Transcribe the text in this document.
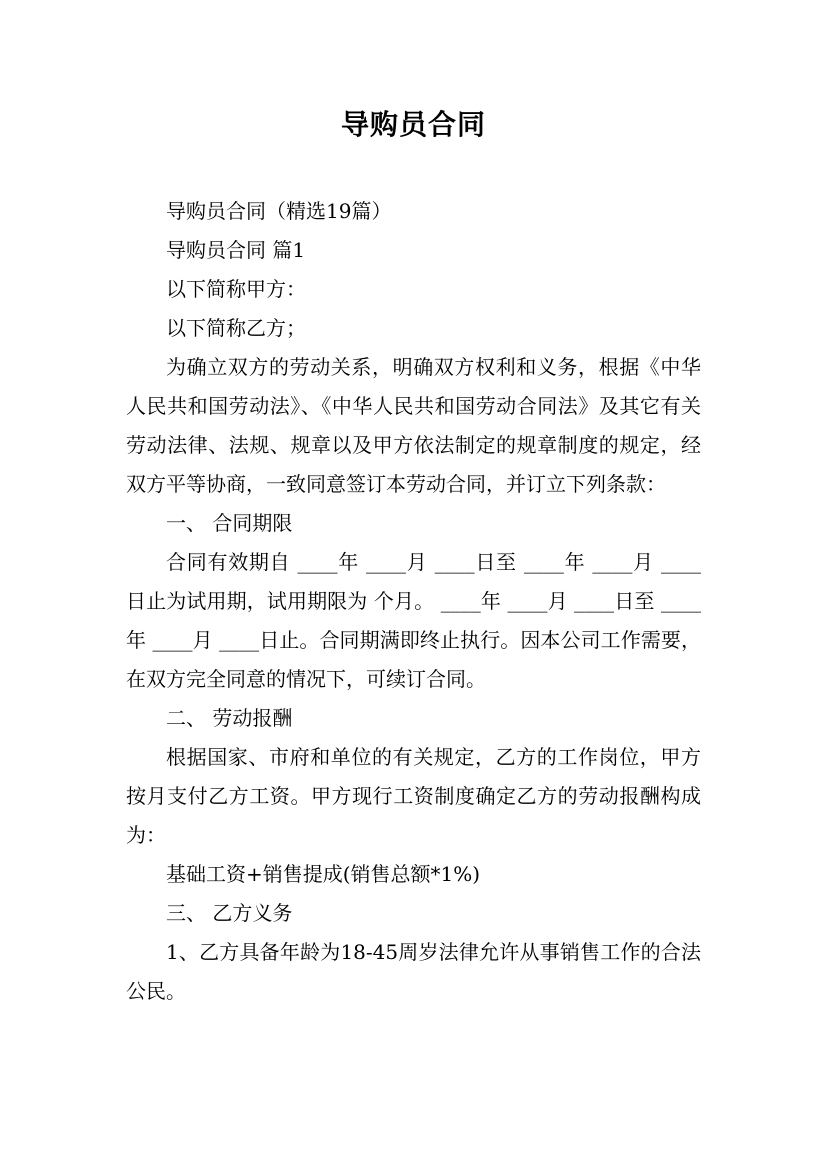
导购员合同

导购员合同（精选19篇）

导购员合同 篇1

以下简称甲方：

以下简称乙方；

为确立双方的劳动关系，明确双方权利和义务，根据《中华人民共和国劳动法》、《中华人民共和国劳动合同法》及其它有关劳动法律、法规、规章以及甲方依法制定的规章制度的规定，经双方平等协商，一致同意签订本劳动合同，并订立下列条款：

一、 合同期限

合同有效期自 ____年 ____月 ____日至 ____年 ____月 ____日止为试用期，试用期限为 个月。 ____年 ____月 ____日至 ____年 ____月 ____日止。合同期满即终止执行。因本公司工作需要，在双方完全同意的情况下，可续订合同。

二、 劳动报酬

根据国家、市府和单位的有关规定，乙方的工作岗位，甲方按月支付乙方工资。甲方现行工资制度确定乙方的劳动报酬构成为：

基础工资+销售提成(销售总额*1%)

三、 乙方义务

1、乙方具备年龄为18-45周岁法律允许从事销售工作的合法公民。
